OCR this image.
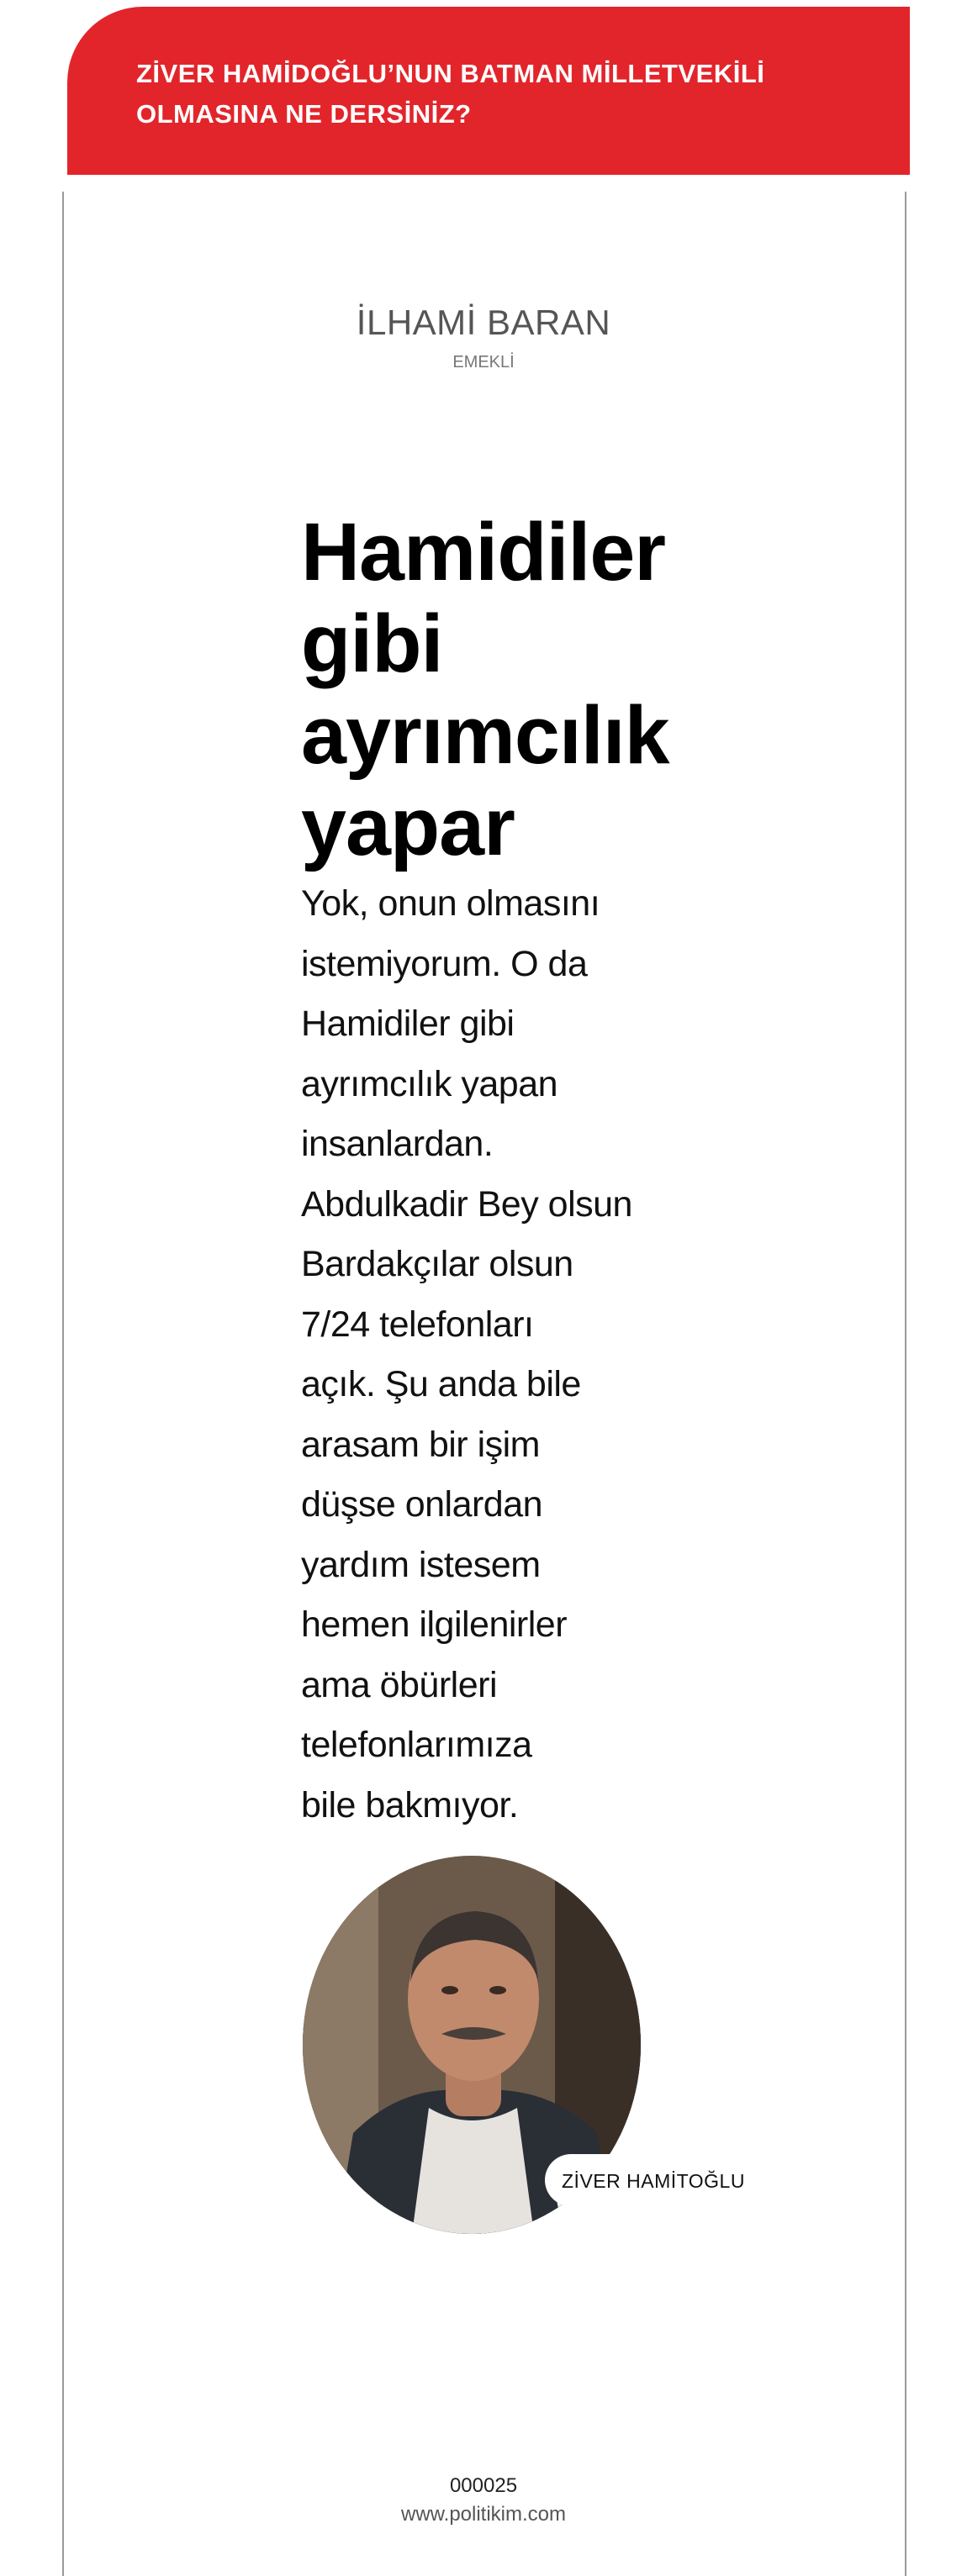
ZİVER HAMİDOĞLU’NUN BATMAN MİLLETVEKİLİ OLMASINA NE DERSİNİZ?

İLHAMİ BARAN
EMEKLİ
Hamidiler gibi ayrımcılık yapar

Yok, onun olmasını
istemiyorum. O da
Hamidiler gibi
ayrımcılık yapan
insanlardan.
Abdulkadir Bey olsun
Bardakçılar olsun
7/24 telefonları
açık. Şu anda bile
arasam bir işim
düşse onlardan
yardım istesem
hemen ilgilenirler
ama öbürleri
telefonlarımıza
bile bakmıyor.

ZİVER HAMİTOĞLU
000025
www.politikim.com
